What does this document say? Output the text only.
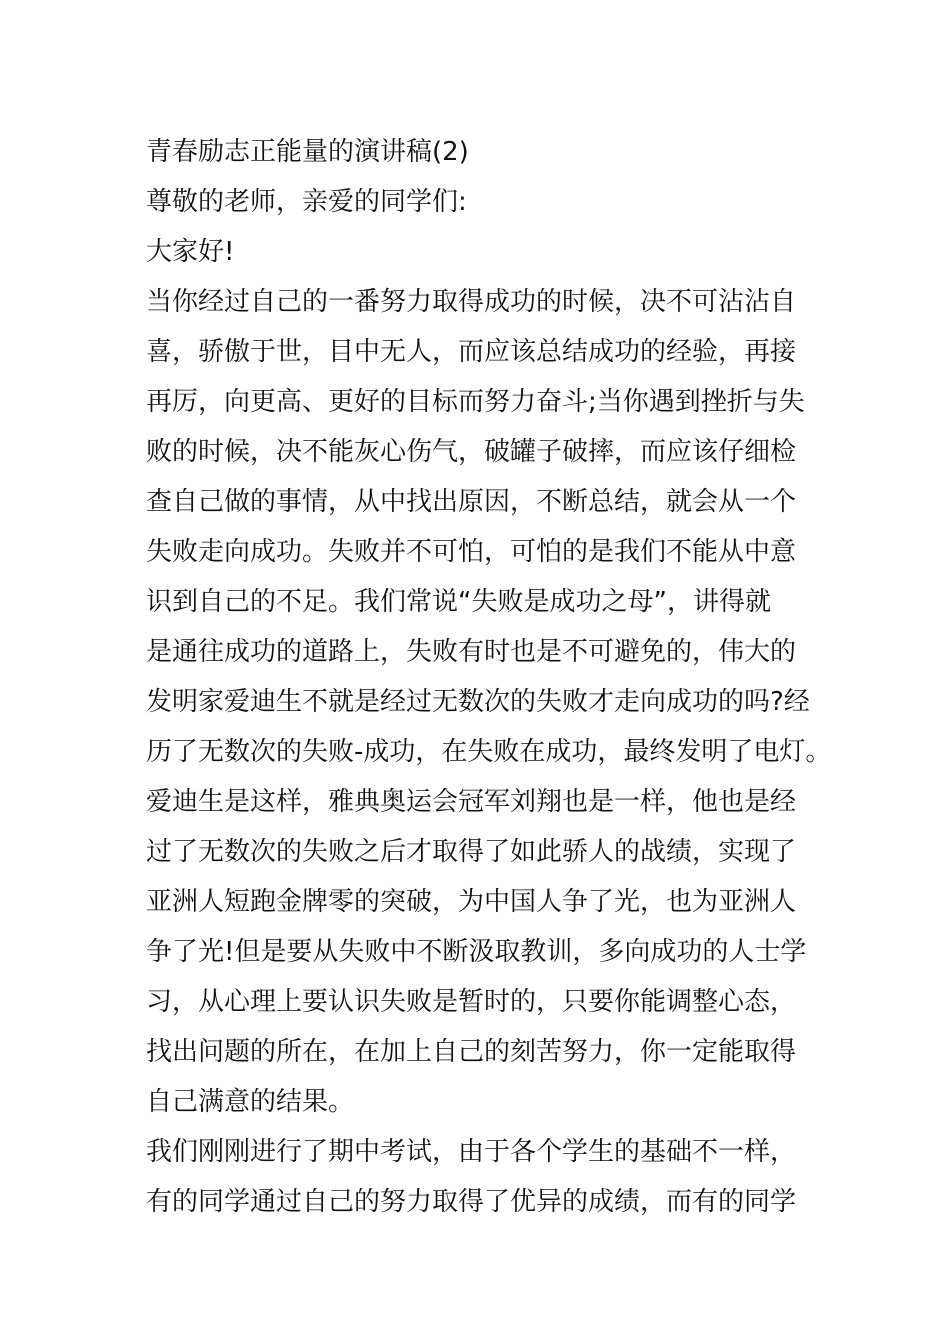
青春励志正能量的演讲稿(2)
尊敬的老师，亲爱的同学们:
大家好!
当你经过自己的一番努力取得成功的时候，决不可沾沾自
喜，骄傲于世，目中无人，而应该总结成功的经验，再接
再厉，向更高、更好的目标而努力奋斗;当你遇到挫折与失
败的时候，决不能灰心伤气，破罐子破摔，而应该仔细检
查自己做的事情，从中找出原因，不断总结，就会从一个
失败走向成功。失败并不可怕，可怕的是我们不能从中意
识到自己的不足。我们常说“失败是成功之母”，讲得就
是通往成功的道路上，失败有时也是不可避免的，伟大的
发明家爱迪生不就是经过无数次的失败才走向成功的吗?经
历了无数次的失败-成功，在失败在成功，最终发明了电灯。
爱迪生是这样，雅典奥运会冠军刘翔也是一样，他也是经
过了无数次的失败之后才取得了如此骄人的战绩，实现了
亚洲人短跑金牌零的突破，为中国人争了光，也为亚洲人
争了光!但是要从失败中不断汲取教训，多向成功的人士学
习，从心理上要认识失败是暂时的，只要你能调整心态，
找出问题的所在，在加上自己的刻苦努力，你一定能取得
自己满意的结果。
我们刚刚进行了期中考试，由于各个学生的基础不一样，
有的同学通过自己的努力取得了优异的成绩，而有的同学
